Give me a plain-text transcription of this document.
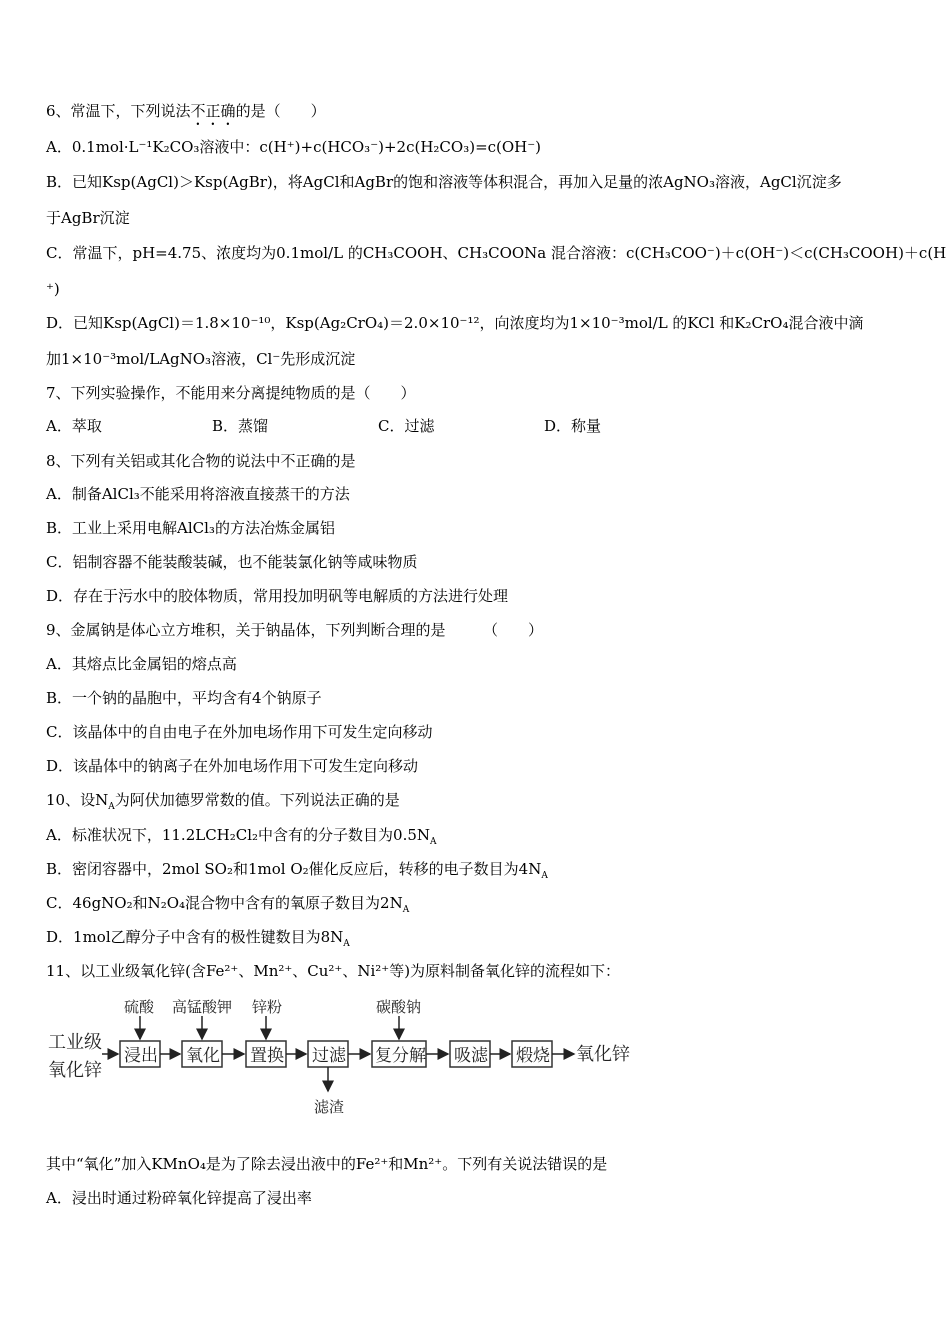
6、常温下，下列说法不正确的是（　　）
A．0.1mol·L⁻¹K₂CO₃溶液中：c(H⁺)+c(HCO₃⁻)+2c(H₂CO₃)=c(OH⁻)
B．已知Ksp(AgCl)＞Ksp(AgBr)，将AgCl和AgBr的饱和溶液等体积混合，再加入足量的浓AgNO₃溶液，AgCl沉淀多
于AgBr沉淀
C．常温下，pH=4.75、浓度均为0.1mol/L 的CH₃COOH、CH₃COONa 混合溶液：c(CH₃COO⁻)＋c(OH⁻)＜c(CH₃COOH)＋c(H
⁺)
D．已知Ksp(AgCl)＝1.8×10⁻¹⁰，Ksp(Ag₂CrO₄)＝2.0×10⁻¹²，向浓度均为1×10⁻³mol/L 的KCl 和K₂CrO₄混合液中滴
加1×10⁻³mol/LAgNO₃溶液，Cl⁻先形成沉淀
7、下列实验操作，不能用来分离提纯物质的是（　　）
A．萃取	B．蒸馏	C．过滤	D．称量
8、下列有关铝或其化合物的说法中不正确的是
A．制备AlCl₃不能采用将溶液直接蒸干的方法
B．工业上采用电解AlCl₃的方法冶炼金属铝
C．铝制容器不能装酸装碱，也不能装氯化钠等咸味物质
D．存在于污水中的胶体物质，常用投加明矾等电解质的方法进行处理
9、金属钠是体心立方堆积，关于钠晶体，下列判断合理的是　　　（　　）
A．其熔点比金属铝的熔点高
B．一个钠的晶胞中，平均含有4个钠原子
C．该晶体中的自由电子在外加电场作用下可发生定向移动
D．该晶体中的钠离子在外加电场作用下可发生定向移动
10、设$N_A$为阿伏加德罗常数的值。下列说法正确的是
A．标准状况下，11.2LCH₂Cl₂中含有的分子数目为$0.5N_A$
B．密闭容器中，2mol SO₂和1mol O₂催化反应后，转移的电子数目为$4N_A$
C．46gNO₂和N₂O₄混合物中含有的氧原子数目为$2N_A$
D．1mol乙醇分子中含有的极性键数目为$8N_A$
11、以工业级氧化锌(含Fe²⁺、Mn²⁺、Cu²⁺、Ni²⁺等)为原料制备氧化锌的流程如下：
工业级
氧化锌
浸出 氧化 置换 过滤 复分解 吸滤 煅烧 氧化锌
硫酸 高锰酸钾 锌粉	碳酸钠
滤渣
其中“氧化”加入KMnO₄是为了除去浸出液中的Fe²⁺和Mn²⁺。下列有关说法错误的是
A．浸出时通过粉碎氧化锌提高了浸出率
